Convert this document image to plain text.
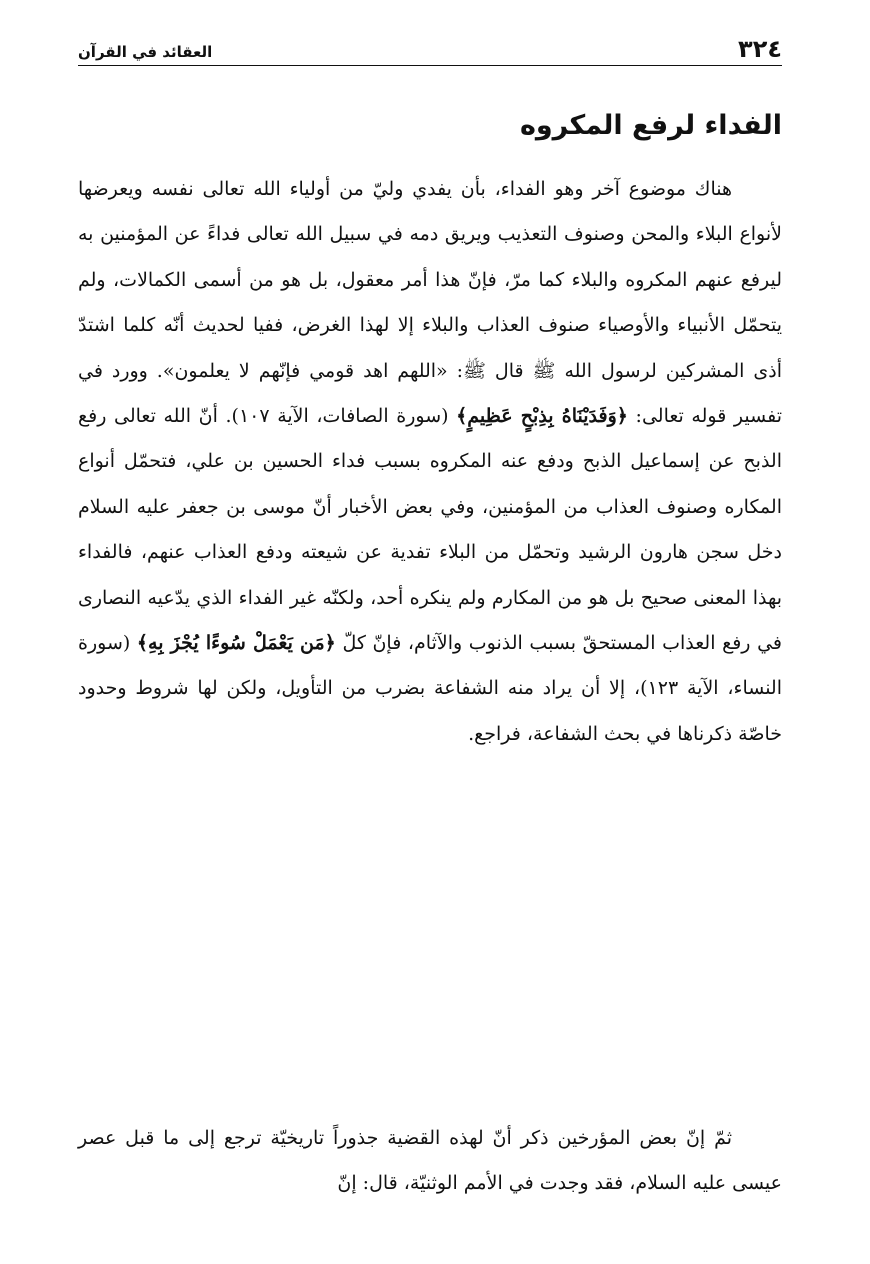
٣٢٤
العقائد في القرآن
الفداء لرفع المكروه

هناك موضوع آخر وهو الفداء، بأن يفدي وليّ من أولياء الله تعالى نفسه ويعرضها لأنواع البلاء والمحن وصنوف التعذيب ويريق دمه في سبيل الله تعالى فداءً عن المؤمنين به ليرفع عنهم المكروه والبلاء كما مرّ، فإنّ هذا أمر معقول، بل هو من أسمى الكمالات، ولم يتحمّل الأنبياء والأوصياء صنوف العذاب والبلاء إلا لهذا الغرض، ففيا لحديث أنّه كلما اشتدّ أذى المشركين لرسول الله ﷺ قال ﷺ: «اللهم اهد قومي فإنّهم لا يعلمون». وورد في تفسير قوله تعالى: ﴿وَفَدَيْنَاهُ بِذِبْحٍ عَظِيمٍ﴾ (سورة الصافات، الآية ١٠٧). أنّ الله تعالى رفع الذبح عن إسماعيل الذبح ودفع عنه المكروه بسبب فداء الحسين بن علي، فتحمّل أنواع المكاره وصنوف العذاب من المؤمنين، وفي بعض الأخبار أنّ موسى بن جعفر عليه السلام دخل سجن هارون الرشيد وتحمّل من البلاء تفدية عن شيعته ودفع العذاب عنهم، فالفداء بهذا المعنى صحيح بل هو من المكارم ولم ينكره أحد، ولكنّه غير الفداء الذي يدّعيه النصارى في رفع العذاب المستحقّ بسبب الذنوب والآثام، فإنّ كلّ ﴿مَن يَعْمَلْ سُوءًا يُجْزَ بِهِ﴾ (سورة النساء، الآية ١٢٣)، إلا أن يراد منه الشفاعة بضرب من التأويل، ولكن لها شروط وحدود خاصّة ذكرناها في بحث الشفاعة، فراجع.

ثمّ إنّ بعض المؤرخين ذكر أنّ لهذه القضية جذوراً تاريخيّة ترجع إلى ما قبل عصر عيسى عليه السلام، فقد وجدت في الأمم الوثنيّة، قال: إنّ
